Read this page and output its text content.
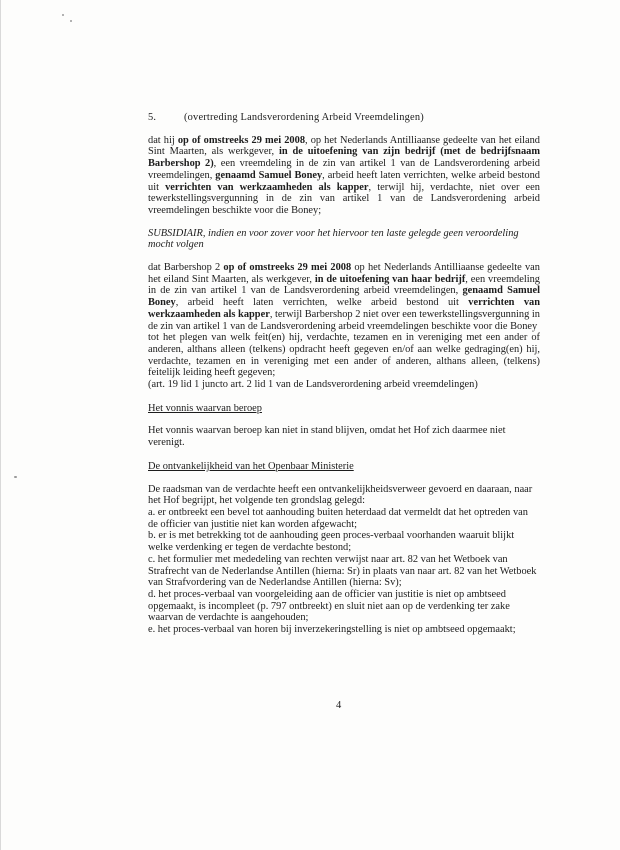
5.	(overtreding Landsverordening Arbeid Vreemdelingen)

dat hij op of omstreeks 29 mei 2008, op het Nederlands Antilliaanse gedeelte van het eiland Sint Maarten, als werkgever, in de uitoefening van zijn bedrijf (met de bedrijfsnaam Barbershop 2), een vreemdeling in de zin van artikel 1 van de Landsverordening arbeid vreemdelingen, genaamd Samuel Boney, arbeid heeft laten verrichten, welke arbeid bestond uit verrichten van werkzaamheden als kapper, terwijl hij, verdachte, niet over een tewerkstellingsvergunning in de zin van artikel 1 van de Landsverordening arbeid vreemdelingen beschikte voor die Boney;

SUBSIDIAIR, indien en voor zover voor het hiervoor ten laste gelegde geen veroordeling mocht volgen

dat Barbershop 2 op of omstreeks 29 mei 2008 op het Nederlands Antilliaanse gedeelte van het eiland Sint Maarten, als werkgever, in de uitoefening van haar bedrijf, een vreemdeling in de zin van artikel 1 van de Landsverordening arbeid vreemdelingen, genaamd Samuel Boney, arbeid heeft laten verrichten, welke arbeid bestond uit verrichten van werkzaamheden als kapper, terwijl Barbershop 2 niet over een tewerkstellingsvergunning in de zin van artikel 1 van de Landsverordening arbeid vreemdelingen beschikte voor die Boney

tot het plegen van welk feit(en) hij, verdachte, tezamen en in vereniging met een ander of anderen, althans alleen (telkens) opdracht heeft gegeven en/of aan welke gedraging(en) hij, verdachte, tezamen en in vereniging met een ander of anderen, althans alleen, (telkens) feitelijk leiding heeft gegeven;

(art. 19 lid 1 juncto art. 2 lid 1 van de Landsverordening arbeid vreemdelingen)

Het vonnis waarvan beroep

Het vonnis waarvan beroep kan niet in stand blijven, omdat het Hof zich daarmee niet verenigt.

De ontvankelijkheid van het Openbaar Ministerie

De raadsman van de verdachte heeft een ontvankelijkheidsverweer gevoerd en daaraan, naar het Hof begrijpt, het volgende ten grondslag gelegd:

a. er ontbreekt een bevel tot aanhouding buiten heterdaad dat vermeldt dat het optreden van de officier van justitie niet kan worden afgewacht;

b. er is met betrekking tot de aanhouding geen proces-verbaal voorhanden waaruit blijkt welke verdenking er tegen de verdachte bestond;

c. het formulier met mededeling van rechten verwijst naar art. 82 van het Wetboek van Strafrecht van de Nederlandse Antillen (hierna: Sr) in plaats van naar art. 82 van het Wetboek van Strafvordering van de Nederlandse Antillen (hierna: Sv);

d. het proces-verbaal van voorgeleiding aan de officier van justitie is niet op ambtseed opgemaakt, is incompleet (p. 797 ontbreekt) en sluit niet aan op de verdenking ter zake waarvan de verdachte is aangehouden;

e. het proces-verbaal van horen bij inverzekeringstelling is niet op ambtseed opgemaakt;

4
